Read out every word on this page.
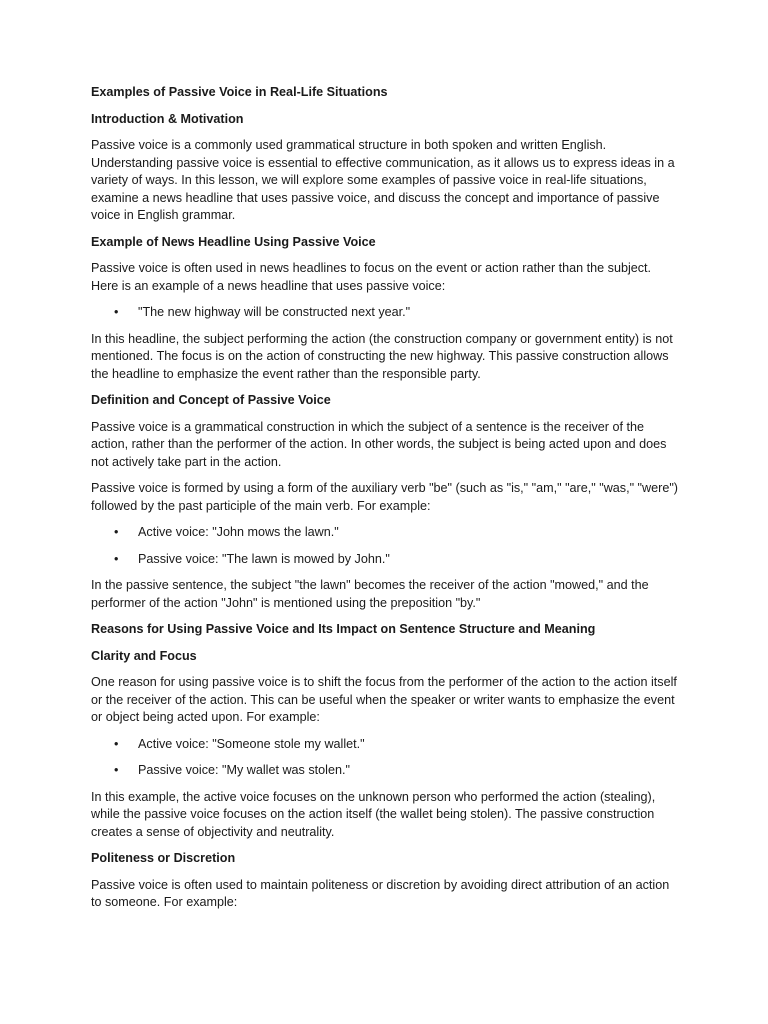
Examples of Passive Voice in Real-Life Situations
Introduction & Motivation
Passive voice is a commonly used grammatical structure in both spoken and written English. Understanding passive voice is essential to effective communication, as it allows us to express ideas in a variety of ways. In this lesson, we will explore some examples of passive voice in real-life situations, examine a news headline that uses passive voice, and discuss the concept and importance of passive voice in English grammar.
Example of News Headline Using Passive Voice
Passive voice is often used in news headlines to focus on the event or action rather than the subject. Here is an example of a news headline that uses passive voice:
• "The new highway will be constructed next year."
In this headline, the subject performing the action (the construction company or government entity) is not mentioned. The focus is on the action of constructing the new highway. This passive construction allows the headline to emphasize the event rather than the responsible party.
Definition and Concept of Passive Voice
Passive voice is a grammatical construction in which the subject of a sentence is the receiver of the action, rather than the performer of the action. In other words, the subject is being acted upon and does not actively take part in the action.
Passive voice is formed by using a form of the auxiliary verb "be" (such as "is," "am," "are," "was," "were") followed by the past participle of the main verb. For example:
• Active voice: "John mows the lawn."
• Passive voice: "The lawn is mowed by John."
In the passive sentence, the subject "the lawn" becomes the receiver of the action "mowed," and the performer of the action "John" is mentioned using the preposition "by."
Reasons for Using Passive Voice and Its Impact on Sentence Structure and Meaning
Clarity and Focus
One reason for using passive voice is to shift the focus from the performer of the action to the action itself or the receiver of the action. This can be useful when the speaker or writer wants to emphasize the event or object being acted upon. For example:
• Active voice: "Someone stole my wallet."
• Passive voice: "My wallet was stolen."
In this example, the active voice focuses on the unknown person who performed the action (stealing), while the passive voice focuses on the action itself (the wallet being stolen). The passive construction creates a sense of objectivity and neutrality.
Politeness or Discretion
Passive voice is often used to maintain politeness or discretion by avoiding direct attribution of an action to someone. For example:
